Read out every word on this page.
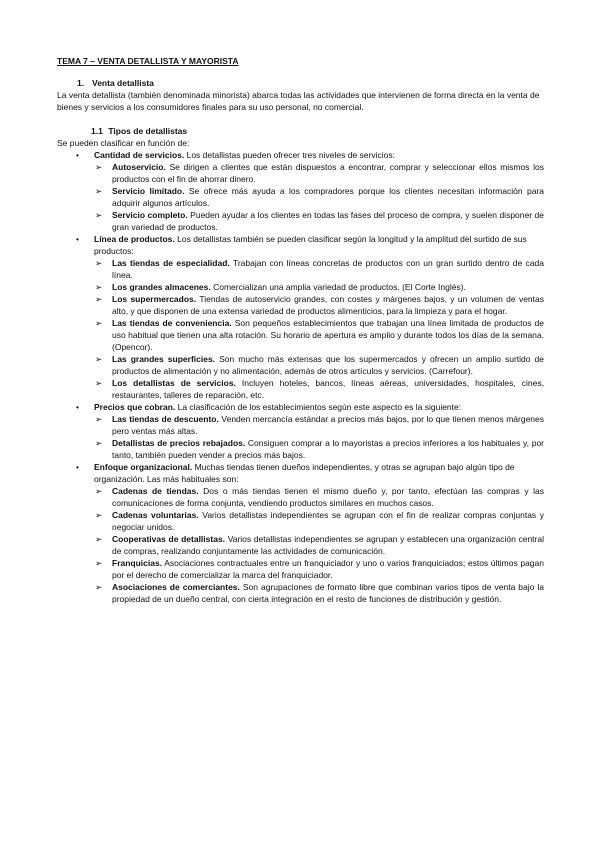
TEMA 7 – VENTA DETALLISTA Y MAYORISTA

1. Venta detallista

La venta detallista (también denominada minorista) abarca todas las actividades que intervienen de forma directa en la venta de bienes y servicios a los consumidores finales para su uso personal, no comercial.

1.1 Tipos de detallistas

Se pueden clasificar en función de:

• Cantidad de servicios. Los detallistas pueden ofrecer tres niveles de servicios:
➢ Autoservicio. Se dirigen a clientes que están dispuestos a encontrar, comprar y seleccionar ellos mismos los productos con el fin de ahorrar dinero.
➢ Servicio limitado. Se ofrece más ayuda a los compradores porque los clientes necesitan información para adquirir algunos artículos.
➢ Servicio completo. Pueden ayudar a los clientes en todas las fases del proceso de compra, y suelen disponer de gran variedad de productos.
• Línea de productos. Los detallistas también se pueden clasificar según la longitud y la amplitud del surtido de sus productos:
➢ Las tiendas de especialidad. Trabajan con líneas concretas de productos con un gran surtido dentro de cada línea.
➢ Los grandes almacenes. Comercializan una amplia variedad de productos. (El Corte Inglés).
➢ Los supermercados. Tiendas de autoservicio grandes, con costes y márgenes bajos, y un volumen de ventas alto, y que disponen de una extensa variedad de productos alimenticios, para la limpieza y para el hogar.
➢ Las tiendas de conveniencia. Son pequeños establecimientos que trabajan una línea limitada de productos de uso habitual que tienen una alta rotación. Su horario de apertura es amplio y durante todos los días de la semana. (Opencor).
➢ Las grandes superficies. Son mucho más extensas que los supermercados y ofrecen un amplio surtido de productos de alimentación y no alimentación, además de otros artículos y servicios. (Carrefour).
➢ Los detallistas de servicios. Incluyen hoteles, bancos, líneas aéreas, universidades, hospitales, cines, restaurantes, talleres de reparación, etc.
• Precios que cobran. La clasificación de los establecimientos según este aspecto es la siguiente:
➢ Las tiendas de descuento. Venden mercancía estándar a precios más bajos, por lo que tienen menos márgenes pero ventas más altas.
➢ Detallistas de precios rebajados. Consiguen comprar a lo mayoristas a precios inferiores a los habituales y, por tanto, también pueden vender a precios más bajos.
• Enfoque organizacional. Muchas tiendas tienen dueños independientes, y otras se agrupan bajo algún tipo de organización. Las más habituales son:
➢ Cadenas de tiendas. Dos o más tiendas tienen el mismo dueño y, por tanto, efectúan las compras y las comunicaciones de forma conjunta, vendiendo productos similares en muchos casos.
➢ Cadenas voluntarias. Varios detallistas independientes se agrupan con el fin de realizar compras conjuntas y negociar unidos.
➢ Cooperativas de detallistas. Varios detallistas independientes se agrupan y establecen una organización central de compras, realizando conjuntamente las actividades de comunicación.
➢ Franquicias. Asociaciones contractuales entre un franquiciador y uno o varios franquiciados; estos últimos pagan por el derecho de comercializar la marca del franquiciador.
➢ Asociaciones de comerciantes. Son agrupaciones de formato libre que combinan varios tipos de venta bajo la propiedad de un dueño central, con cierta integración en el resto de funciones de distribución y gestión.
